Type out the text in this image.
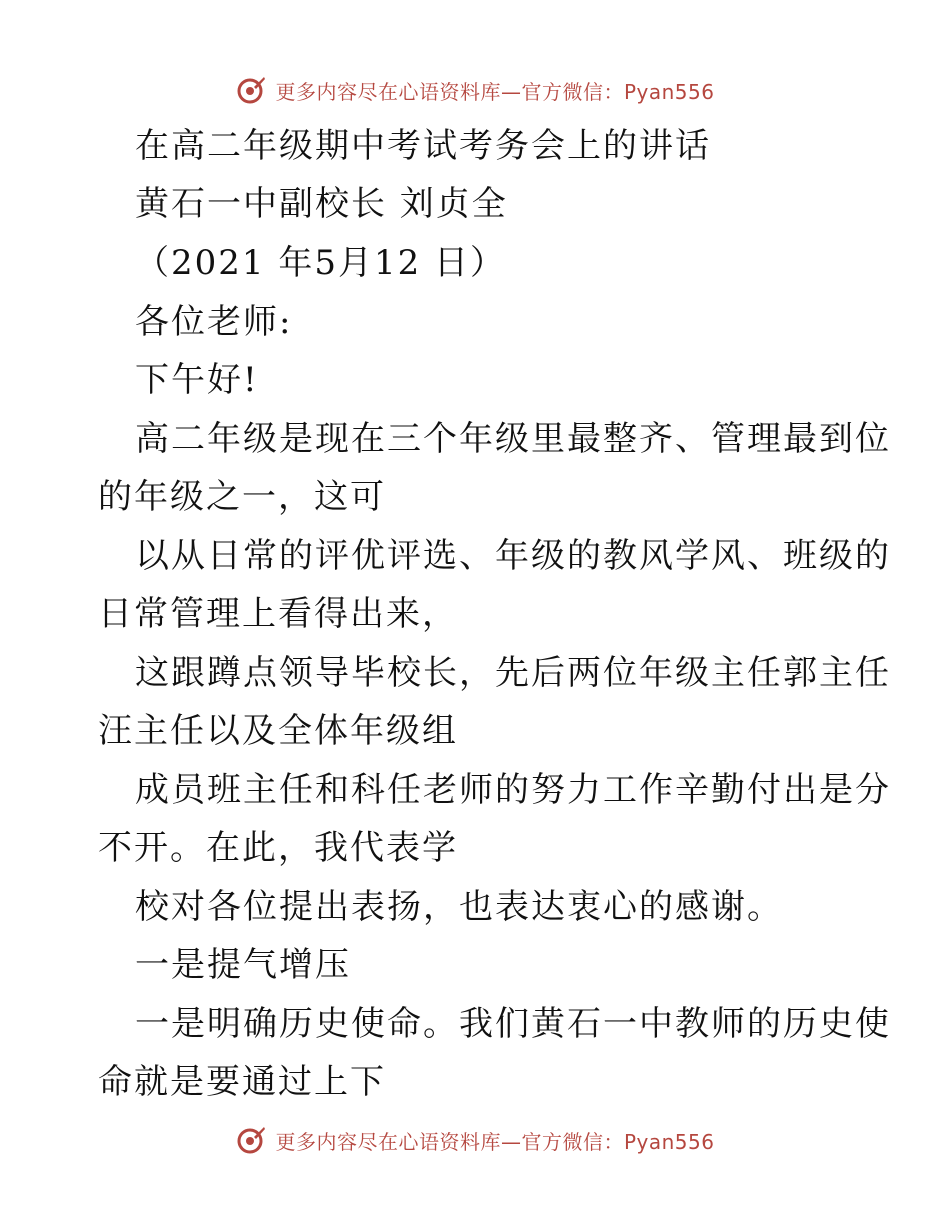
更多内容尽在心语资料库—官方微信：Pyan556
在高二年级期中考试考务会上的讲话
黄石一中副校长 刘贞全
（2021 年5月12 日）
各位老师:
下午好!
高二年级是现在三个年级里最整齐、管理最到位
的年级之一，这可
以从日常的评优评选、年级的教风学风、班级的
日常管理上看得出来，
这跟蹲点领导毕校长，先后两位年级主任郭主任
汪主任以及全体年级组
成员班主任和科任老师的努力工作辛勤付出是分
不开。在此，我代表学
校对各位提出表扬，也表达衷心的感谢。
一是提气增压
一是明确历史使命。我们黄石一中教师的历史使
命就是要通过上下
更多内容尽在心语资料库—官方微信：Pyan556
